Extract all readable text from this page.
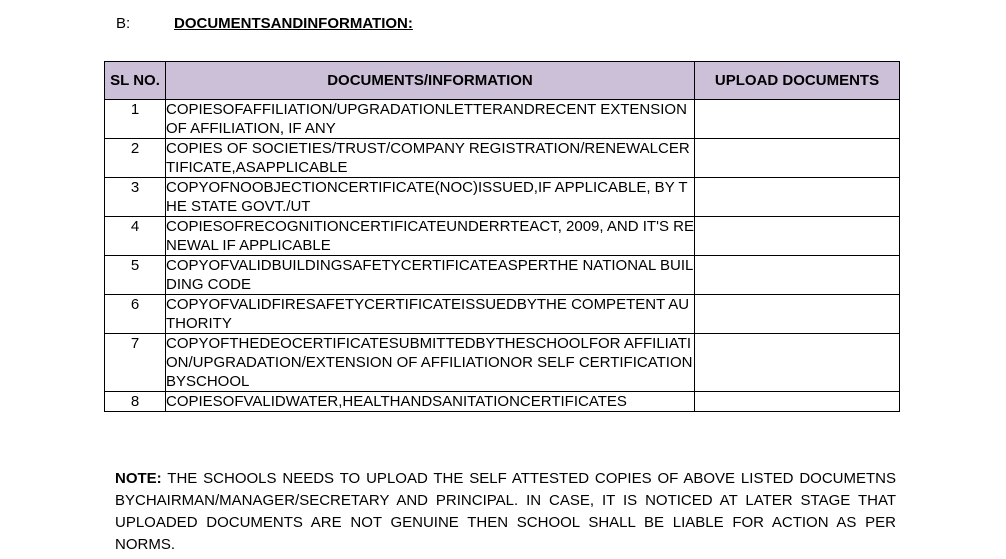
B:	DOCUMENTSANDINFORMATION:
SL NO.	DOCUMENTS/INFORMATION	UPLOAD DOCUMENTS
1	COPIESOFAFFILIATION/UPGRADATIONLETTERANDRECENT EXTENSION OF AFFILIATION, IF ANY	
2	COPIES OF SOCIETIES/TRUST/COMPANY REGISTRATION/RENEWALCERTIFICATE,ASAPPLICABLE	
3	COPYOFNOOBJECTIONCERTIFICATE(NOC)ISSUED,IF APPLICABLE, BY THE STATE GOVT./UT	
4	COPIESOFRECOGNITIONCERTIFICATEUNDERRTEACT, 2009, AND IT'S RENEWAL IF APPLICABLE	
5	COPYOFVALIDBUILDINGSAFETYCERTIFICATEASPERTHE NATIONAL BUILDING CODE	
6	COPYOFVALIDFIRESAFETYCERTIFICATEISSUEDBYTHE COMPETENT AUTHORITY	
7	COPYOFTHEDEOCERTIFICATESUBMITTEDBYTHESCHOOLFOR AFFILIATION/UPGRADATION/EXTENSION OF AFFILIATIONOR SELF CERTIFICATIONBYSCHOOL	
8	COPIESOFVALIDWATER,HEALTHANDSANITATIONCERTIFICATES	
NOTE: THE SCHOOLS NEEDS TO UPLOAD THE SELF ATTESTED COPIES OF ABOVE LISTED DOCUMETNS BYCHAIRMAN/MANAGER/SECRETARY AND PRINCIPAL. IN CASE, IT IS NOTICED AT LATER STAGE THAT UPLOADED DOCUMENTS ARE NOT GENUINE THEN SCHOOL SHALL BE LIABLE FOR ACTION AS PER NORMS.
